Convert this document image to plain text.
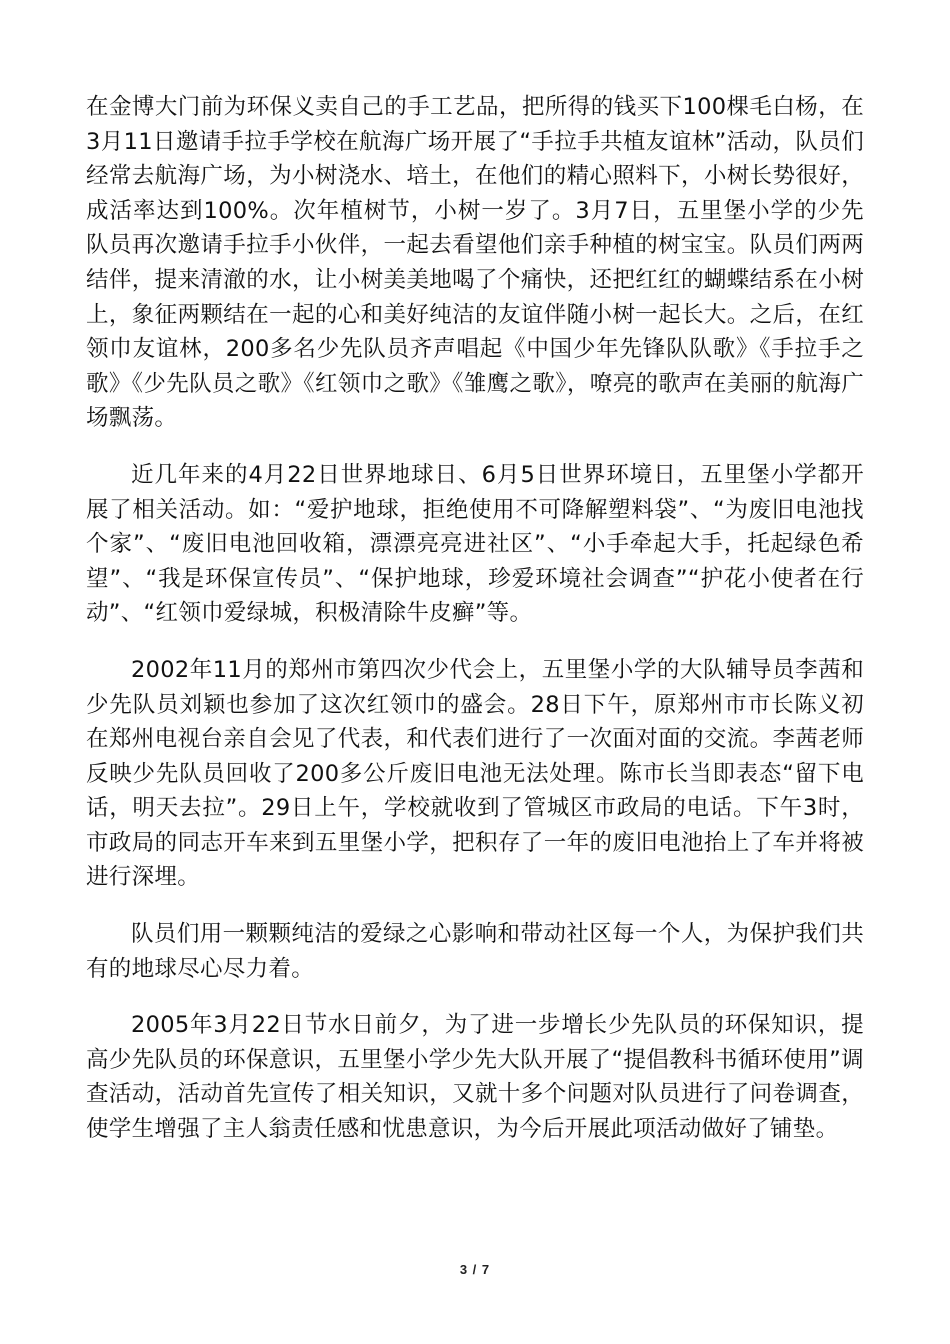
在金博大门前为环保义卖自己的手工艺品，把所得的钱买下100棵毛白杨，在3月11日邀请手拉手学校在航海广场开展了“手拉手共植友谊林”活动，队员们经常去航海广场，为小树浇水、培土，在他们的精心照料下，小树长势很好，成活率达到100%。次年植树节，小树一岁了。3月7日，五里堡小学的少先队员再次邀请手拉手小伙伴，一起去看望他们亲手种植的树宝宝。队员们两两结伴，提来清澈的水，让小树美美地喝了个痛快，还把红红的蝴蝶结系在小树上，象征两颗结在一起的心和美好纯洁的友谊伴随小树一起长大。之后，在红领巾友谊林，200多名少先队员齐声唱起《中国少年先锋队队歌》《手拉手之歌》《少先队员之歌》《红领巾之歌》《雏鹰之歌》，嘹亮的歌声在美丽的航海广场飘荡。

近几年来的4月22日世界地球日、6月5日世界环境日，五里堡小学都开展了相关活动。如：“爱护地球，拒绝使用不可降解塑料袋”、“为废旧电池找个家”、“废旧电池回收箱，漂漂亮亮进社区”、“小手牵起大手，托起绿色希望”、“我是环保宣传员”、“保护地球，珍爱环境社会调查”“护花小使者在行动”、“红领巾爱绿城，积极清除牛皮癣”等。

2002年11月的郑州市第四次少代会上，五里堡小学的大队辅导员李茜和少先队员刘颖也参加了这次红领巾的盛会。28日下午，原郑州市市长陈义初在郑州电视台亲自会见了代表，和代表们进行了一次面对面的交流。李茜老师反映少先队员回收了200多公斤废旧电池无法处理。陈市长当即表态“留下电话，明天去拉”。29日上午，学校就收到了管城区市政局的电话。下午3时，市政局的同志开车来到五里堡小学，把积存了一年的废旧电池抬上了车并将被进行深埋。

队员们用一颗颗纯洁的爱绿之心影响和带动社区每一个人，为保护我们共有的地球尽心尽力着。

2005年3月22日节水日前夕，为了进一步增长少先队员的环保知识，提高少先队员的环保意识，五里堡小学少先大队开展了“提倡教科书循环使用”调查活动，活动首先宣传了相关知识，又就十多个问题对队员进行了问卷调查，使学生增强了主人翁责任感和忧患意识，为今后开展此项活动做好了铺垫。

3 / 7
